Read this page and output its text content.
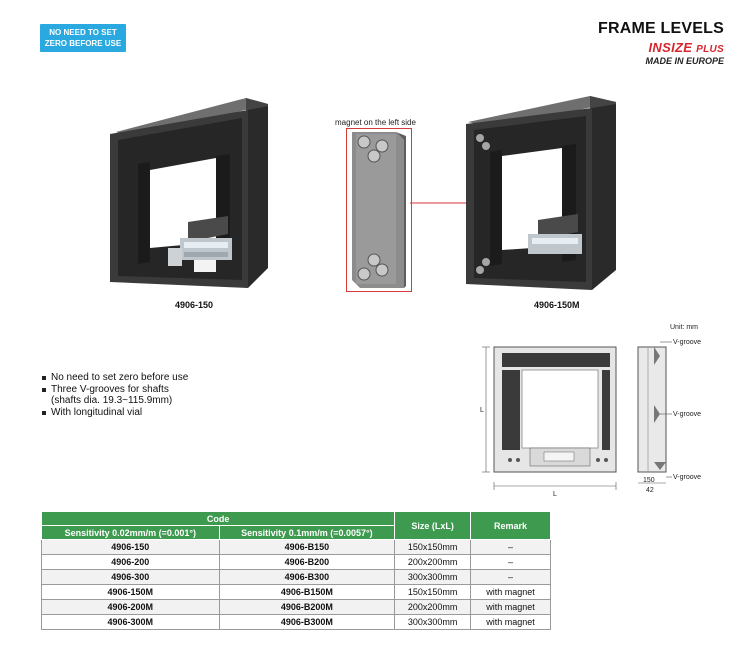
NO NEED TO SET
ZERO BEFORE USE
FRAME LEVELS
INSIZE PLUS
MADE IN EUROPE
4906-150
magnet on the left side
4906-150M
No need to set zero before use
Three V-grooves for shafts
(shafts dia. 19.3~115.9mm)
With longitudinal vial
Unit: mm
L
L
V-groove
V-groove
V-groove
150
42
Code		Size (LxL)	Remark
Sensitivity 0.02mm/m (=0.001°)	Sensitivity 0.1mm/m (=0.0057°)		
4906-150	4906-B150	150x150mm	–
4906-200	4906-B200	200x200mm	–
4906-300	4906-B300	300x300mm	–
4906-150M	4906-B150M	150x150mm	with magnet
4906-200M	4906-B200M	200x200mm	with magnet
4906-300M	4906-B300M	300x300mm	with magnet
